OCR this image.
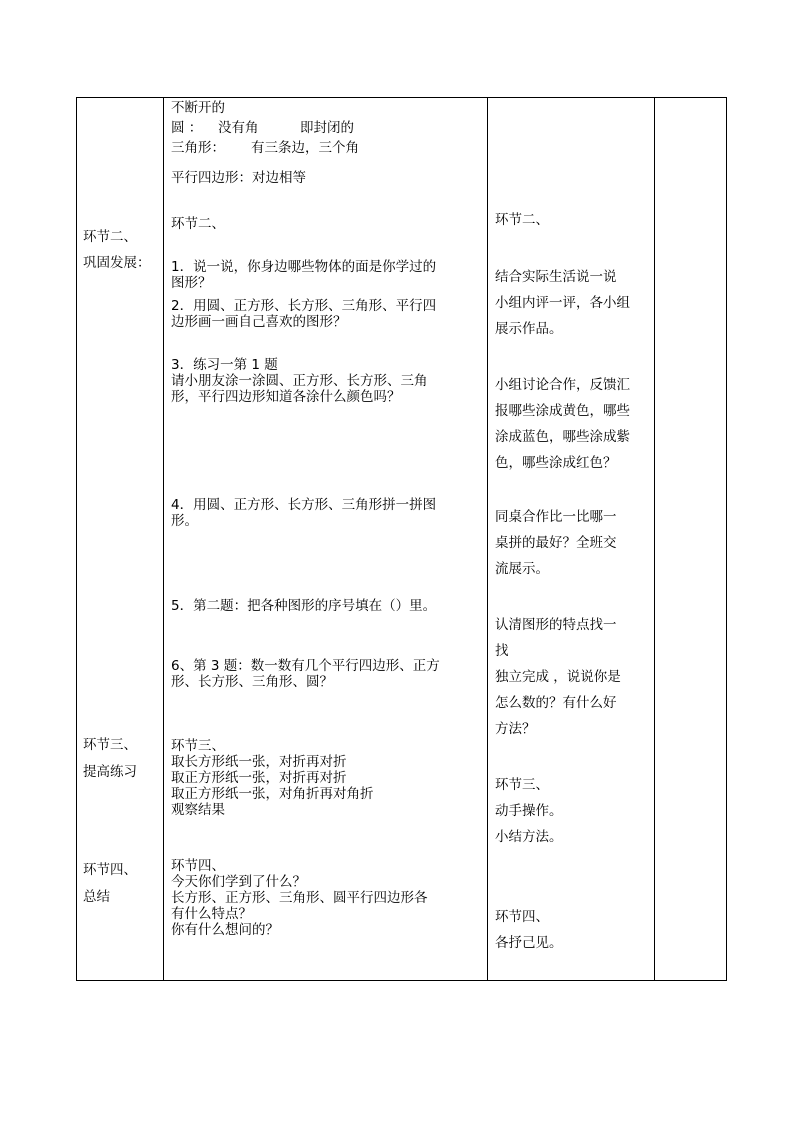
环节二、
巩固发展：
环节三、
提高练习
环节四、
总结
不断开的
圆 ： 没有角	即封闭的
三角形： 有三条边，三个角
平行四边形：对边相等
环节二、
1．说一说，你身边哪些物体的面是你学过的
图形？
2．用圆、正方形、长方形、三角形、平行四
边形画一画自己喜欢的图形？
3．练习一第 1 题
请小朋友涂一涂圆、正方形、长方形、三角
形，平行四边形知道各涂什么颜色吗？
4．用圆、正方形、长方形、三角形拼一拼图
形。
5．第二题：把各种图形的序号填在（）里。
6、第 3 题：数一数有几个平行四边形、正方
形、长方形、三角形、圆？
环节三、
取长方形纸一张，对折再对折
取正方形纸一张，对折再对折
取正方形纸一张，对角折再对角折
观察结果
环节四、
今天你们学到了什么？
长方形、正方形、三角形、圆平行四边形各
有什么特点？
你有什么想问的？
环节二、
结合实际生活说一说
小组内评一评，各小组
展示作品。
小组讨论合作，反馈汇
报哪些涂成黄色，哪些
涂成蓝色，哪些涂成紫
色，哪些涂成红色？
同桌合作比一比哪一
桌拼的最好？全班交
流展示。
认清图形的特点找一
找
独立完成 ，说说你是
怎么数的？有什么好
方法？
环节三、
动手操作。
小结方法。
环节四、
各抒己见。
